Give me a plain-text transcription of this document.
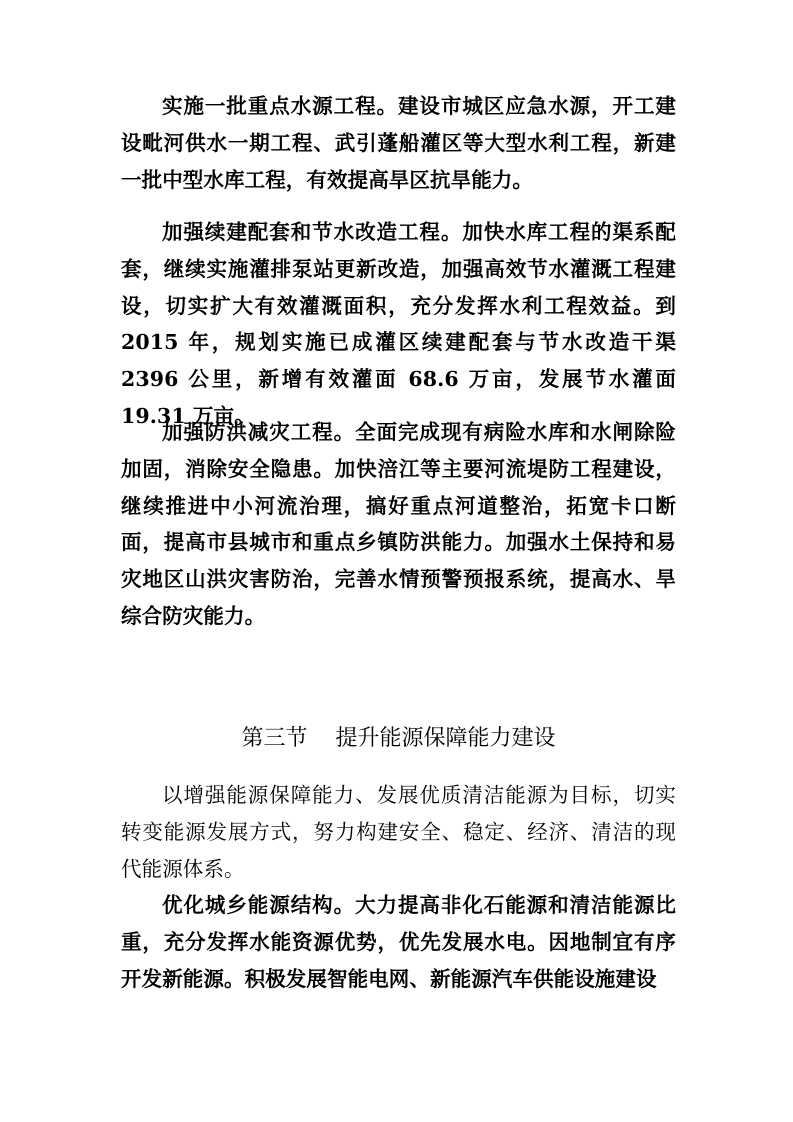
实施一批重点水源工程。建设市城区应急水源，开工建设毗河供水一期工程、武引蓬船灌区等大型水利工程，新建一批中型水库工程，有效提高旱区抗旱能力。

加强续建配套和节水改造工程。加快水库工程的渠系配套，继续实施灌排泵站更新改造，加强高效节水灌溉工程建设，切实扩大有效灌溉面积，充分发挥水利工程效益。到 2015 年，规划实施已成灌区续建配套与节水改造干渠 2396 公里，新增有效灌面 68.6 万亩，发展节水灌面 19.31 万亩。

加强防洪减灾工程。全面完成现有病险水库和水闸除险加固，消除安全隐患。加快涪江等主要河流堤防工程建设，继续推进中小河流治理，搞好重点河道整治，拓宽卡口断面，提高市县城市和重点乡镇防洪能力。加强水土保持和易灾地区山洪灾害防治，完善水情预警预报系统，提高水、旱综合防灾能力。

第三节    提升能源保障能力建设

以增强能源保障能力、发展优质清洁能源为目标，切实转变能源发展方式，努力构建安全、稳定、经济、清洁的现代能源体系。

优化城乡能源结构。大力提高非化石能源和清洁能源比重，充分发挥水能资源优势，优先发展水电。因地制宜有序开发新能源。积极发展智能电网、新能源汽车供能设施建设
